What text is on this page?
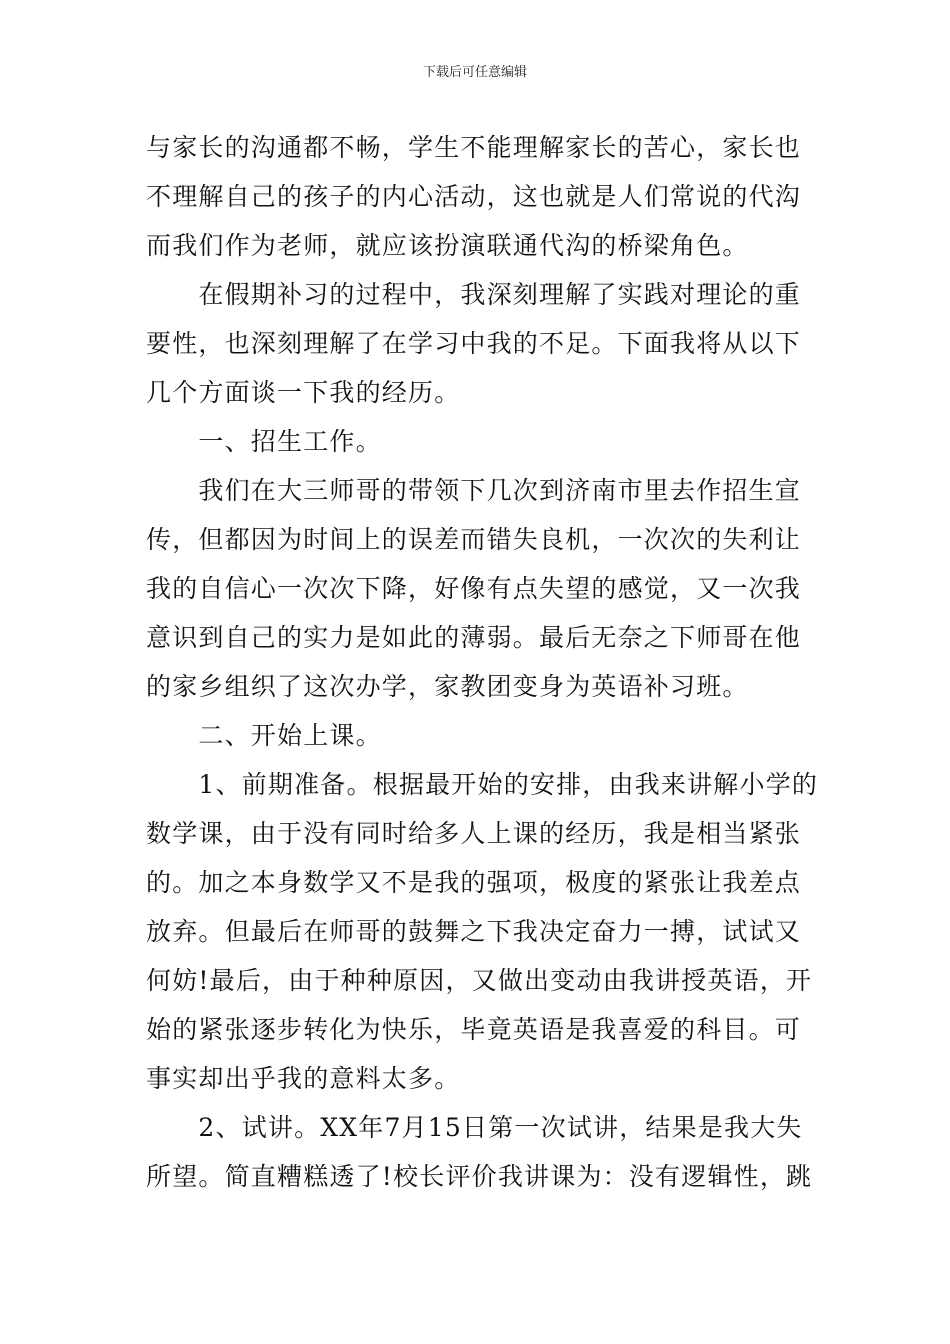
下载后可任意编辑
与家长的沟通都不畅，学生不能理解家长的苦心，家长也
不理解自己的孩子的内心活动，这也就是人们常说的代沟
而我们作为老师，就应该扮演联通代沟的桥梁角色。
　　在假期补习的过程中，我深刻理解了实践对理论的重
要性，也深刻理解了在学习中我的不足。下面我将从以下
几个方面谈一下我的经历。
　　一、招生工作。
　　我们在大三师哥的带领下几次到济南市里去作招生宣
传，但都因为时间上的误差而错失良机，一次次的失利让
我的自信心一次次下降，好像有点失望的感觉，又一次我
意识到自己的实力是如此的薄弱。最后无奈之下师哥在他
的家乡组织了这次办学，家教团变身为英语补习班。
　　二、开始上课。
　　1、前期准备。根据最开始的安排，由我来讲解小学的
数学课，由于没有同时给多人上课的经历，我是相当紧张
的。加之本身数学又不是我的强项，极度的紧张让我差点
放弃。但最后在师哥的鼓舞之下我决定奋力一搏，试试又
何妨!最后，由于种种原因，又做出变动由我讲授英语，开
始的紧张逐步转化为快乐，毕竟英语是我喜爱的科目。可
事实却出乎我的意料太多。
　　2、试讲。XX年7月15日第一次试讲，结果是我大失
所望。简直糟糕透了!校长评价我讲课为：没有逻辑性，跳
